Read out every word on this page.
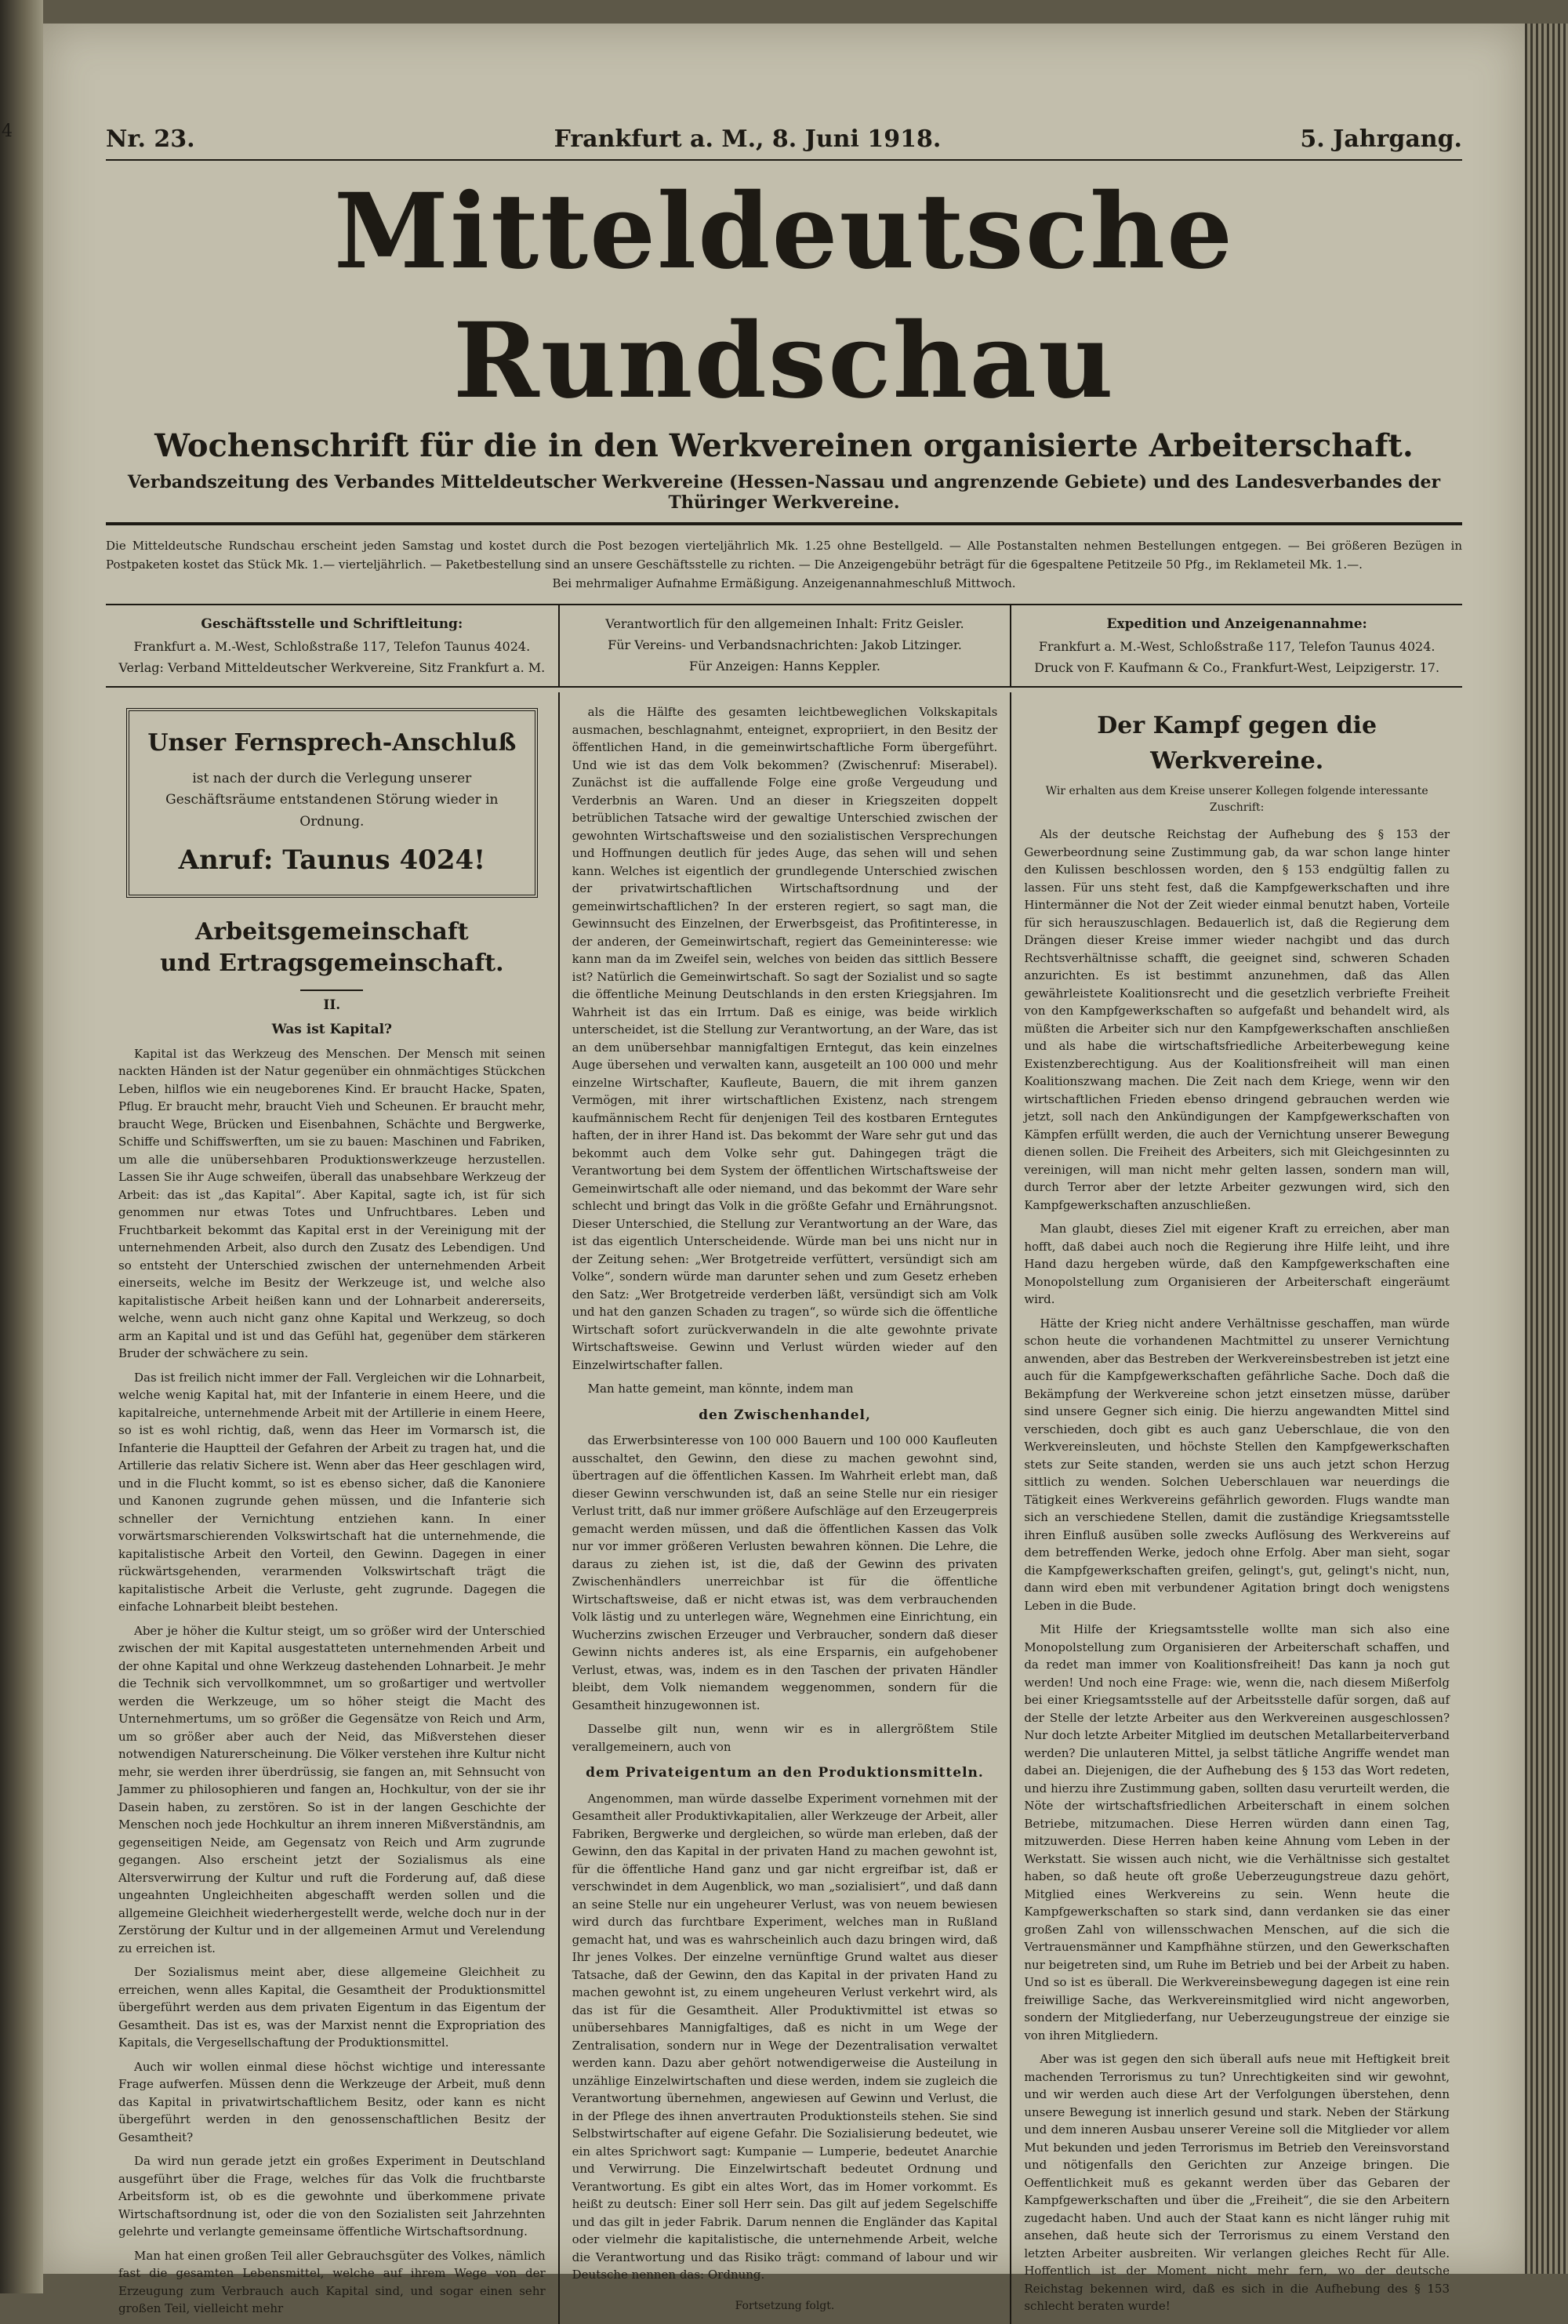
4	Nr. 23.	Frankfurt a. M., 8. Juni 1918.	5. Jahrgang.
Mitteldeutsche Rundschau
Wochenschrift für die in den Werkvereinen organisierte Arbeiterschaft.
Verbandszeitung des Verbandes Mitteldeutscher Werkvereine (Hessen-Nassau und angrenzende Gebiete) und des Landesverbandes der Thüringer Werkvereine.
Die Mitteldeutsche Rundschau erscheint jeden Samstag und kostet durch die Post bezogen vierteljährlich Mk. 1.25 ohne Bestellgeld. — Alle Postanstalten nehmen Bestellungen entgegen. — Bei größeren Bezügen in Postpaketen kostet das Stück Mk. 1.— vierteljährlich. — Paketbestellung sind an unsere Geschäftsstelle zu richten. — Die Anzeigengebühr beträgt für die 6gespaltene Petitzeile 50 Pfg., im Reklameteil Mk. 1.—.
Bei mehrmaliger Aufnahme Ermäßigung. Anzeigenannahmeschluß Mittwoch.
Geschäftsstelle und Schriftleitung:
Frankfurt a. M.-West, Schloßstraße 117, Telefon Taunus 4024.
Verlag: Verband Mitteldeutscher Werkvereine, Sitz Frankfurt a. M.
Verantwortlich für den allgemeinen Inhalt: Fritz Geisler.
Für Vereins- und Verbandsnachrichten: Jakob Litzinger.
Für Anzeigen: Hanns Keppler.
Expedition und Anzeigenannahme:
Frankfurt a. M.-West, Schloßstraße 117, Telefon Taunus 4024.
Druck von F. Kaufmann & Co., Frankfurt-West, Leipzigerstr. 17.
Unser Fernsprech-Anschluß
ist nach der durch die Verlegung unserer Geschäftsräume entstandenen Störung wieder in Ordnung.
Anruf: Taunus 4024!
Arbeitsgemeinschaft
und Ertragsgemeinschaft.
II.
Was ist Kapital?

Kapital ist das Werkzeug des Menschen. Der Mensch mit seinen nackten Händen ist der Natur gegenüber ein ohnmächtiges Stückchen Leben, hilflos wie ein neugeborenes Kind. Er braucht Hacke, Spaten, Pflug. Er braucht mehr, braucht Vieh und Scheunen. Er braucht mehr, braucht Wege, Brücken und Eisenbahnen, Schächte und Bergwerke, Schiffe und Schiffswerften, um sie zu bauen: Maschinen und Fabriken, um alle die unübersehbaren Produktionswerkzeuge herzustellen. Lassen Sie ihr Auge schweifen, überall das unabsehbare Werkzeug der Arbeit: das ist „das Kapital“. Aber Kapital, sagte ich, ist für sich genommen nur etwas Totes und Unfruchtbares. Leben und Fruchtbarkeit bekommt das Kapital erst in der Vereinigung mit der unternehmenden Arbeit, also durch den Zusatz des Lebendigen. Und so entsteht der Unterschied zwischen der unternehmenden Arbeit einerseits, welche im Besitz der Werkzeuge ist, und welche also kapitalistische Arbeit heißen kann und der Lohnarbeit andererseits, welche, wenn auch nicht ganz ohne Kapital und Werkzeug, so doch arm an Kapital und ist und das Gefühl hat, gegenüber dem stärkeren Bruder der schwächere zu sein.

Das ist freilich nicht immer der Fall. Vergleichen wir die Lohnarbeit, welche wenig Kapital hat, mit der Infanterie in einem Heere, und die kapitalreiche, unternehmende Arbeit mit der Artillerie in einem Heere, so ist es wohl richtig, daß, wenn das Heer im Vormarsch ist, die Infanterie die Hauptteil der Gefahren der Arbeit zu tragen hat, und die Artillerie das relativ Sichere ist. Wenn aber das Heer geschlagen wird, und in die Flucht kommt, so ist es ebenso sicher, daß die Kanoniere und Kanonen zugrunde gehen müssen, und die Infanterie sich schneller der Vernichtung entziehen kann. In einer vorwärtsmarschierenden Volkswirtschaft hat die unternehmende, die kapitalistische Arbeit den Vorteil, den Gewinn. Dagegen in einer rückwärtsgehenden, verarmenden Volkswirtschaft trägt die kapitalistische Arbeit die Verluste, geht zugrunde. Dagegen die einfache Lohnarbeit bleibt bestehen.

Aber je höher die Kultur steigt, um so größer wird der Unterschied zwischen der mit Kapital ausgestatteten unternehmenden Arbeit und der ohne Kapital und ohne Werkzeug dastehenden Lohnarbeit. Je mehr die Technik sich vervollkommnet, um so großartiger und wertvoller werden die Werkzeuge, um so höher steigt die Macht des Unternehmertums, um so größer die Gegensätze von Reich und Arm, um so größer aber auch der Neid, das Mißverstehen dieser notwendigen Naturerscheinung. Die Völker verstehen ihre Kultur nicht mehr, sie werden ihrer überdrüssig, sie fangen an, mit Sehnsucht von Jammer zu philosophieren und fangen an, Hochkultur, von der sie ihr Dasein haben, zu zerstören. So ist in der langen Geschichte der Menschen noch jede Hochkultur an ihrem inneren Mißverständnis, am gegenseitigen Neide, am Gegensatz von Reich und Arm zugrunde gegangen. Also erscheint jetzt der Sozialismus als eine Altersverwirrung der Kultur und ruft die Forderung auf, daß diese ungeahnten Ungleichheiten abgeschafft werden sollen und die allgemeine Gleichheit wiederhergestellt werde, welche doch nur in der Zerstörung der Kultur und in der allgemeinen Armut und Verelendung zu erreichen ist.

Der Sozialismus meint aber, diese allgemeine Gleichheit zu erreichen, wenn alles Kapital, die Gesamtheit der Produktionsmittel übergeführt werden aus dem privaten Eigentum in das Eigentum der Gesamtheit. Das ist es, was der Marxist nennt die Expropriation des Kapitals, die Vergesellschaftung der Produktionsmittel.

Auch wir wollen einmal diese höchst wichtige und interessante Frage aufwerfen. Müssen denn die Werkzeuge der Arbeit, muß denn das Kapital in privatwirtschaftlichem Besitz, oder kann es nicht übergeführt werden in den genossenschaftlichen Besitz der Gesamtheit?

Da wird nun gerade jetzt ein großes Experiment in Deutschland ausgeführt über die Frage, welches für das Volk die fruchtbarste Arbeitsform ist, ob es die gewohnte und überkommene private Wirtschaftsordnung ist, oder die von den Sozialisten seit Jahrzehnten gelehrte und verlangte gemeinsame öffentliche Wirtschaftsordnung.

Man hat einen großen Teil aller Gebrauchsgüter des Volkes, nämlich fast die gesamten Lebensmittel, welche auf ihrem Wege von der Erzeugung zum Verbrauch auch Kapital sind, und sogar einen sehr großen Teil, vielleicht mehr

als die Hälfte des gesamten leichtbeweglichen Volkskapitals ausmachen, beschlagnahmt, enteignet, expropriiert, in den Besitz der öffentlichen Hand, in die gemeinwirtschaftliche Form übergeführt. Und wie ist das dem Volk bekommen? (Zwischenruf: Miserabel). Zunächst ist die auffallende Folge eine große Vergeudung und Verderbnis an Waren. Und an dieser in Kriegszeiten doppelt betrüblichen Tatsache wird der gewaltige Unterschied zwischen der gewohnten Wirtschaftsweise und den sozialistischen Versprechungen und Hoffnungen deutlich für jedes Auge, das sehen will und sehen kann. Welches ist eigentlich der grundlegende Unterschied zwischen der privatwirtschaftlichen Wirtschaftsordnung und der gemeinwirtschaftlichen? In der ersteren regiert, so sagt man, die Gewinnsucht des Einzelnen, der Erwerbsgeist, das Profitinteresse, in der anderen, der Gemeinwirtschaft, regiert das Gemeininteresse: wie kann man da im Zweifel sein, welches von beiden das sittlich Bessere ist? Natürlich die Gemeinwirtschaft. So sagt der Sozialist und so sagte die öffentliche Meinung Deutschlands in den ersten Kriegsjahren. Im Wahrheit ist das ein Irrtum. Daß es einige, was beide wirklich unterscheidet, ist die Stellung zur Verantwortung, an der Ware, das ist an dem unübersehbar mannigfaltigen Erntegut, das kein einzelnes Auge übersehen und verwalten kann, ausgeteilt an 100 000 und mehr einzelne Wirtschafter, Kaufleute, Bauern, die mit ihrem ganzen Vermögen, mit ihrer wirtschaftlichen Existenz, nach strengem kaufmännischem Recht für denjenigen Teil des kostbaren Erntegutes haften, der in ihrer Hand ist. Das bekommt der Ware sehr gut und das bekommt auch dem Volke sehr gut. Dahingegen trägt die Verantwortung bei dem System der öffentlichen Wirtschaftsweise der Gemeinwirtschaft alle oder niemand, und das bekommt der Ware sehr schlecht und bringt das Volk in die größte Gefahr und Ernährungsnot. Dieser Unterschied, die Stellung zur Verantwortung an der Ware, das ist das eigentlich Unterscheidende. Würde man bei uns nicht nur in der Zeitung sehen: „Wer Brotgetreide verfüttert, versündigt sich am Volke“, sondern würde man darunter sehen und zum Gesetz erheben den Satz: „Wer Brotgetreide verderben läßt, versündigt sich am Volk und hat den ganzen Schaden zu tragen“, so würde sich die öffentliche Wirtschaft sofort zurückverwandeln in die alte gewohnte private Wirtschaftsweise. Gewinn und Verlust würden wieder auf den Einzelwirtschafter fallen.

Man hatte gemeint, man könnte, indem man

den Zwischenhandel,

das Erwerbsinteresse von 100 000 Bauern und 100 000 Kaufleuten ausschaltet, den Gewinn, den diese zu machen gewohnt sind, übertragen auf die öffentlichen Kassen. Im Wahrheit erlebt man, daß dieser Gewinn verschwunden ist, daß an seine Stelle nur ein riesiger Verlust tritt, daß nur immer größere Aufschläge auf den Erzeugerpreis gemacht werden müssen, und daß die öffentlichen Kassen das Volk nur vor immer größeren Verlusten bewahren können. Die Lehre, die daraus zu ziehen ist, ist die, daß der Gewinn des privaten Zwischenhändlers unerreichbar ist für die öffentliche Wirtschaftsweise, daß er nicht etwas ist, was dem verbrauchenden Volk lästig und zu unterlegen wäre, Wegnehmen eine Einrichtung, ein Wucherzins zwischen Erzeuger und Verbraucher, sondern daß dieser Gewinn nichts anderes ist, als eine Ersparnis, ein aufgehobener Verlust, etwas, was, indem es in den Taschen der privaten Händler bleibt, dem Volk niemandem weggenommen, sondern für die Gesamtheit hinzugewonnen ist.

Dasselbe gilt nun, wenn wir es in allergrößtem Stile verallgemeinern, auch von

dem Privateigentum an den Produktionsmitteln.

Angenommen, man würde dasselbe Experiment vornehmen mit der Gesamtheit aller Produktivkapitalien, aller Werkzeuge der Arbeit, aller Fabriken, Bergwerke und dergleichen, so würde man erleben, daß der Gewinn, den das Kapital in der privaten Hand zu machen gewohnt ist, für die öffentliche Hand ganz und gar nicht ergreifbar ist, daß er verschwindet in dem Augenblick, wo man „sozialisiert“, und daß dann an seine Stelle nur ein ungeheurer Verlust, was von neuem bewiesen wird durch das furchtbare Experiment, welches man in Rußland gemacht hat, und was es wahrscheinlich auch dazu bringen wird, daß Ihr jenes Volkes. Der einzelne vernünftige Grund waltet aus dieser Tatsache, daß der Gewinn, den das Kapital in der privaten Hand zu machen gewohnt ist, zu einem ungeheuren Verlust verkehrt wird, als das ist für die Gesamtheit. Aller Produktivmittel ist etwas so unübersehbares Mannigfaltiges, daß es nicht in um Wege der Zentralisation, sondern nur in Wege der Dezentralisation verwaltet werden kann. Dazu aber gehört notwendigerweise die Austeilung in unzählige Einzelwirtschaften und diese werden, indem sie zugleich die Verantwortung übernehmen, angewiesen auf Gewinn und Verlust, die in der Pflege des ihnen anvertrauten Produktionsteils stehen. Sie sind Selbstwirtschafter auf eigene Gefahr. Die Sozialisierung bedeutet, wie ein altes Sprichwort sagt: Kumpanie — Lumperie, bedeutet Anarchie und Verwirrung. Die Einzelwirtschaft bedeutet Ordnung und Verantwortung. Es gibt ein altes Wort, das im Homer vorkommt. Es heißt zu deutsch: Einer soll Herr sein. Das gilt auf jedem Segelschiffe und das gilt in jeder Fabrik. Darum nennen die Engländer das Kapital oder vielmehr die kapitalistische, die unternehmende Arbeit, welche die Verantwortung und das Risiko trägt: command of labour und wir Deutsche nennen das: Ordnung.

Fortsetzung folgt.
Der Kampf gegen die Werkvereine.
Wir erhalten aus dem Kreise unserer Kollegen folgende interessante Zuschrift:

Als der deutsche Reichstag der Aufhebung des § 153 der Gewerbeordnung seine Zustimmung gab, da war schon lange hinter den Kulissen beschlossen worden, den § 153 endgültig fallen zu lassen. Für uns steht fest, daß die Kampfgewerkschaften und ihre Hintermänner die Not der Zeit wieder einmal benutzt haben, Vorteile für sich herauszuschlagen. Bedauerlich ist, daß die Regierung dem Drängen dieser Kreise immer wieder nachgibt und das durch Rechtsverhältnisse schafft, die geeignet sind, schweren Schaden anzurichten. Es ist bestimmt anzunehmen, daß das Allen gewährleistete Koalitionsrecht und die gesetzlich verbriefte Freiheit von den Kampfgewerkschaften so aufgefaßt und behandelt wird, als müßten die Arbeiter sich nur den Kampfgewerkschaften anschließen und als habe die wirtschaftsfriedliche Arbeiterbewegung keine Existenzberechtigung. Aus der Koalitionsfreiheit will man einen Koalitionszwang machen. Die Zeit nach dem Kriege, wenn wir den wirtschaftlichen Frieden ebenso dringend gebrauchen werden wie jetzt, soll nach den Ankündigungen der Kampfgewerkschaften von Kämpfen erfüllt werden, die auch der Vernichtung unserer Bewegung dienen sollen. Die Freiheit des Arbeiters, sich mit Gleichgesinnten zu vereinigen, will man nicht mehr gelten lassen, sondern man will, durch Terror aber der letzte Arbeiter gezwungen wird, sich den Kampfgewerkschaften anzuschließen.

Man glaubt, dieses Ziel mit eigener Kraft zu erreichen, aber man hofft, daß dabei auch noch die Regierung ihre Hilfe leiht, und ihre Hand dazu hergeben würde, daß den Kampfgewerkschaften eine Monopolstellung zum Organisieren der Arbeiterschaft eingeräumt wird.

Hätte der Krieg nicht andere Verhältnisse geschaffen, man würde schon heute die vorhandenen Machtmittel zu unserer Vernichtung anwenden, aber das Bestreben der Werkvereinsbestreben ist jetzt eine auch für die Kampfgewerkschaften gefährliche Sache. Doch daß die Bekämpfung der Werkvereine schon jetzt einsetzen müsse, darüber sind unsere Gegner sich einig. Die hierzu angewandten Mittel sind verschieden, doch gibt es auch ganz Ueberschlaue, die von den Werkvereinsleuten, und höchste Stellen den Kampfgewerkschaften stets zur Seite standen, werden sie uns auch jetzt schon Herzug sittlich zu wenden. Solchen Ueberschlauen war neuerdings die Tätigkeit eines Werkvereins gefährlich geworden. Flugs wandte man sich an verschiedene Stellen, damit die zuständige Kriegsamtsstelle ihren Einfluß ausüben solle zwecks Auflösung des Werkvereins auf dem betreffenden Werke, jedoch ohne Erfolg. Aber man sieht, sogar die Kampfgewerkschaften greifen, gelingt's, gut, gelingt's nicht, nun, dann wird eben mit verbundener Agitation bringt doch wenigstens Leben in die Bude.

Mit Hilfe der Kriegsamtsstelle wollte man sich also eine Monopolstellung zum Organisieren der Arbeiterschaft schaffen, und da redet man immer von Koalitionsfreiheit! Das kann ja noch gut werden! Und noch eine Frage: wie, wenn die, nach diesem Mißerfolg bei einer Kriegsamtsstelle auf der Arbeitsstelle dafür sorgen, daß auf der Stelle der letzte Arbeiter aus den Werkvereinen ausgeschlossen? Nur doch letzte Arbeiter Mitglied im deutschen Metallarbeiterverband werden? Die unlauteren Mittel, ja selbst tätliche Angriffe wendet man dabei an. Diejenigen, die der Aufhebung des § 153 das Wort redeten, und hierzu ihre Zustimmung gaben, sollten dasu verurteilt werden, die Nöte der wirtschaftsfriedlichen Arbeiterschaft in einem solchen Betriebe, mitzumachen. Diese Herren würden dann einen Tag, mitzuwerden. Diese Herren haben keine Ahnung vom Leben in der Werkstatt. Sie wissen auch nicht, wie die Verhältnisse sich gestaltet haben, so daß heute oft große Ueberzeugungstreue dazu gehört, Mitglied eines Werkvereins zu sein. Wenn heute die Kampfgewerkschaften so stark sind, dann verdanken sie das einer großen Zahl von willensschwachen Menschen, auf die sich die Vertrauensmänner und Kampfhähne stürzen, und den Gewerkschaften nur beigetreten sind, um Ruhe im Betrieb und bei der Arbeit zu haben. Und so ist es überall. Die Werkvereinsbewegung dagegen ist eine rein freiwillige Sache, das Werkvereinsmitglied wird nicht angeworben, sondern der Mitgliederfang, nur Ueberzeugungstreue der einzige sie von ihren Mitgliedern.

Aber was ist gegen den sich überall aufs neue mit Heftigkeit breit machenden Terrorismus zu tun? Unrechtigkeiten sind wir gewohnt, und wir werden auch diese Art der Verfolgungen überstehen, denn unsere Bewegung ist innerlich gesund und stark. Neben der Stärkung und dem inneren Ausbau unserer Vereine soll die Mitglieder vor allem Mut bekunden und jeden Terrorismus im Betrieb den Vereinsvorstand und nötigenfalls den Gerichten zur Anzeige bringen. Die Oeffentlichkeit muß es gekannt werden über das Gebaren der Kampfgewerkschaften und über die „Freiheit“, die sie den Arbeitern zugedacht haben. Und auch der Staat kann es nicht länger ruhig mit ansehen, daß heute sich der Terrorismus zu einem Verstand den letzten Arbeiter ausbreiten. Wir verlangen gleiches Recht für Alle. Hoffentlich ist der Moment nicht mehr fern, wo der deutsche Reichstag bekennen wird, daß es sich in die Aufhebung des § 153 schlecht beraten wurde!
